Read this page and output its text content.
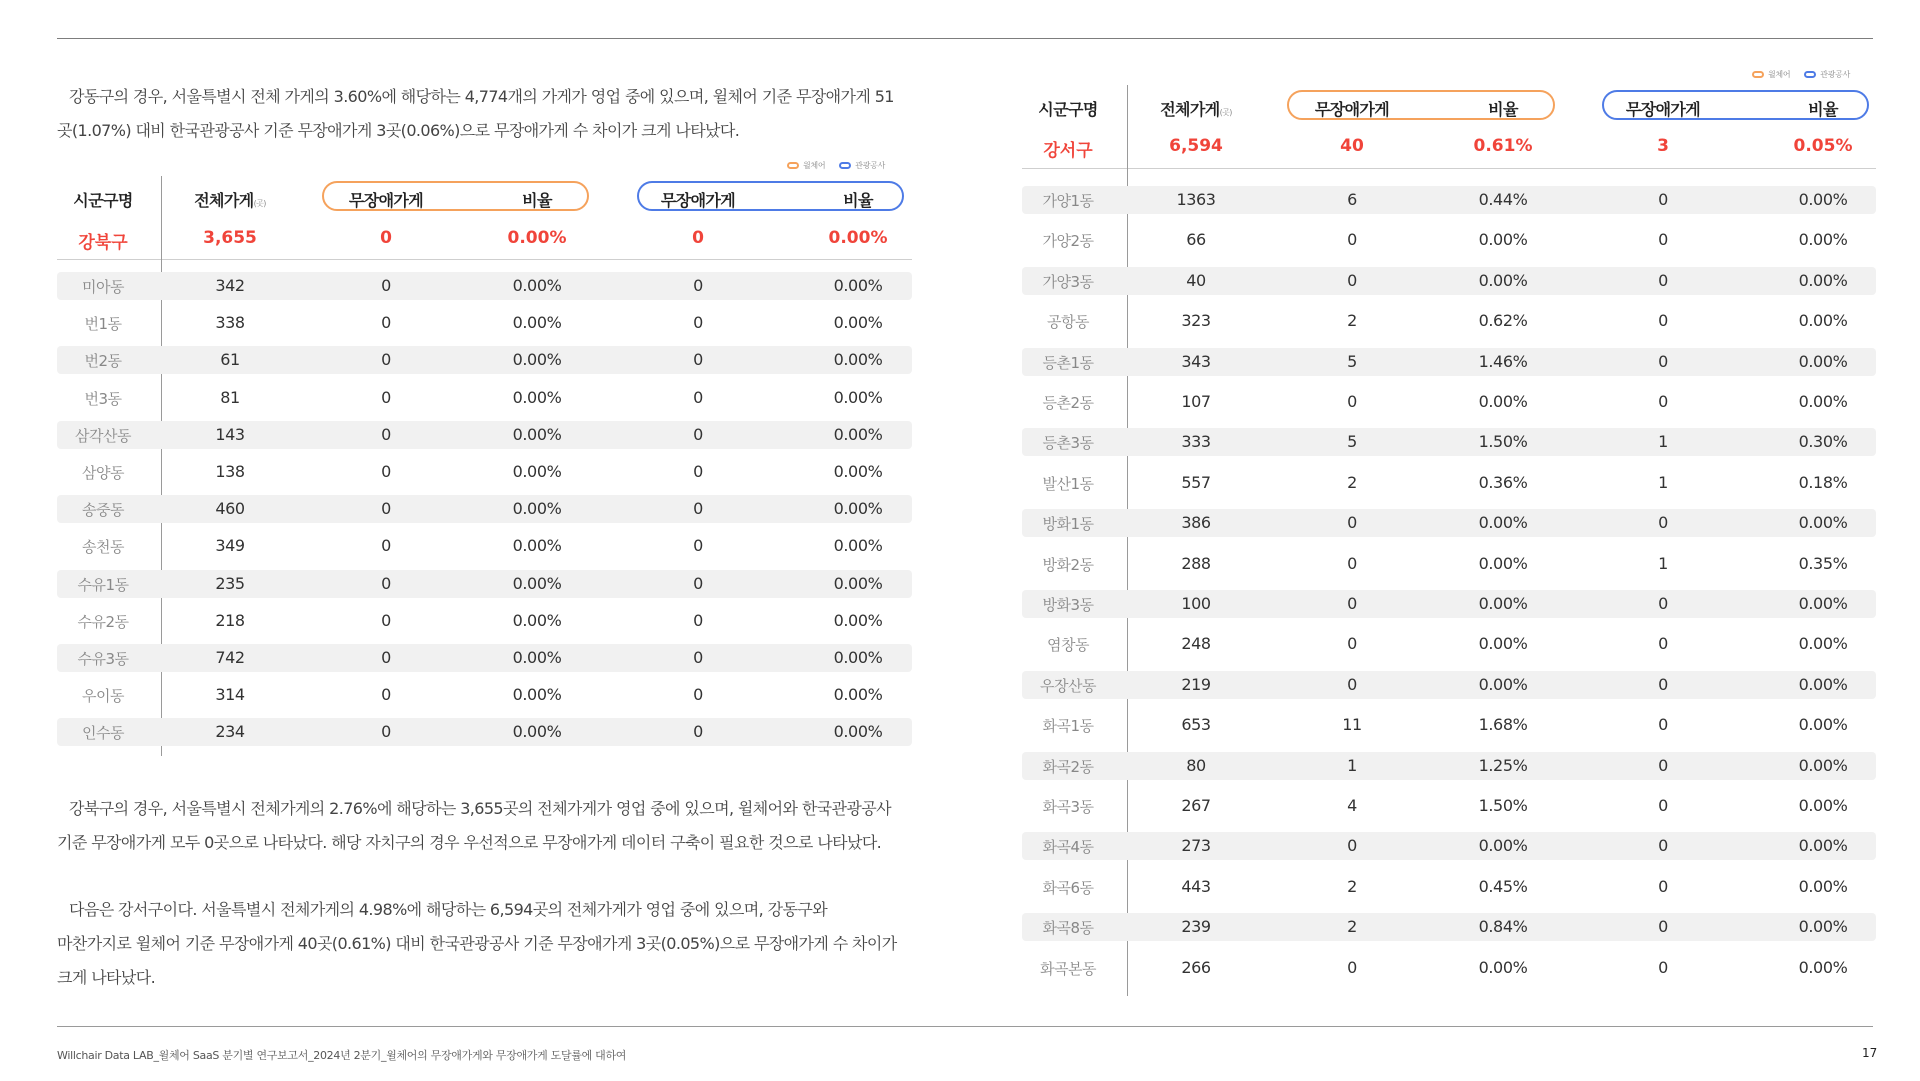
강동구의 경우, 서울특별시 전체 가게의 3.60%에 해당하는 4,774개의 가게가 영업 중에 있으며, 윌체어 기준 무장애가게 51
곳(1.07%) 대비 한국관광공사 기준 무장애가게 3곳(0.06%)으로 무장애가게 수 차이가 크게 나타났다.
윌체어	관광공사
시군구명	전체가게(곳)	무장애가게	비율	무장애가게	비율
강북구	3,655	0	0.00%	0	0.00%
미아동	342	0	0.00%	0	0.00%
번1동	338	0	0.00%	0	0.00%
번2동	61	0	0.00%	0	0.00%
번3동	81	0	0.00%	0	0.00%
삼각산동	143	0	0.00%	0	0.00%
삼양동	138	0	0.00%	0	0.00%
송중동	460	0	0.00%	0	0.00%
송천동	349	0	0.00%	0	0.00%
수유1동	235	0	0.00%	0	0.00%
수유2동	218	0	0.00%	0	0.00%
수유3동	742	0	0.00%	0	0.00%
우이동	314	0	0.00%	0	0.00%
인수동	234	0	0.00%	0	0.00%
강북구의 경우, 서울특별시 전체가게의 2.76%에 해당하는 3,655곳의 전체가게가 영업 중에 있으며, 윌체어와 한국관광공사
기준 무장애가게 모두 0곳으로 나타났다. 해당 자치구의 경우 우선적으로 무장애가게 데이터 구축이 필요한 것으로 나타났다.
다음은 강서구이다. 서울특별시 전체가게의 4.98%에 해당하는 6,594곳의 전체가게가 영업 중에 있으며, 강동구와
마찬가지로 윌체어 기준 무장애가게 40곳(0.61%) 대비 한국관광공사 기준 무장애가게 3곳(0.05%)으로 무장애가게 수 차이가
크게 나타났다.
윌체어	관광공사
시군구명	전체가게(곳)	무장애가게	비율	무장애가게	비율
강서구	6,594	40	0.61%	3	0.05%
가양1동	1363	6	0.44%	0	0.00%
가양2동	66	0	0.00%	0	0.00%
가양3동	40	0	0.00%	0	0.00%
공항동	323	2	0.62%	0	0.00%
등촌1동	343	5	1.46%	0	0.00%
등촌2동	107	0	0.00%	0	0.00%
등촌3동	333	5	1.50%	1	0.30%
발산1동	557	2	0.36%	1	0.18%
방화1동	386	0	0.00%	0	0.00%
방화2동	288	0	0.00%	1	0.35%
방화3동	100	0	0.00%	0	0.00%
염창동	248	0	0.00%	0	0.00%
우장산동	219	0	0.00%	0	0.00%
화곡1동	653	11	1.68%	0	0.00%
화곡2동	80	1	1.25%	0	0.00%
화곡3동	267	4	1.50%	0	0.00%
화곡4동	273	0	0.00%	0	0.00%
화곡6동	443	2	0.45%	0	0.00%
화곡8동	239	2	0.84%	0	0.00%
화곡본동	266	0	0.00%	0	0.00%
Willchair Data LAB_윌체어 SaaS 분기별 연구보고서_2024년 2분기_윌체어의 무장애가게와 무장애가게 도달률에 대하여	17
